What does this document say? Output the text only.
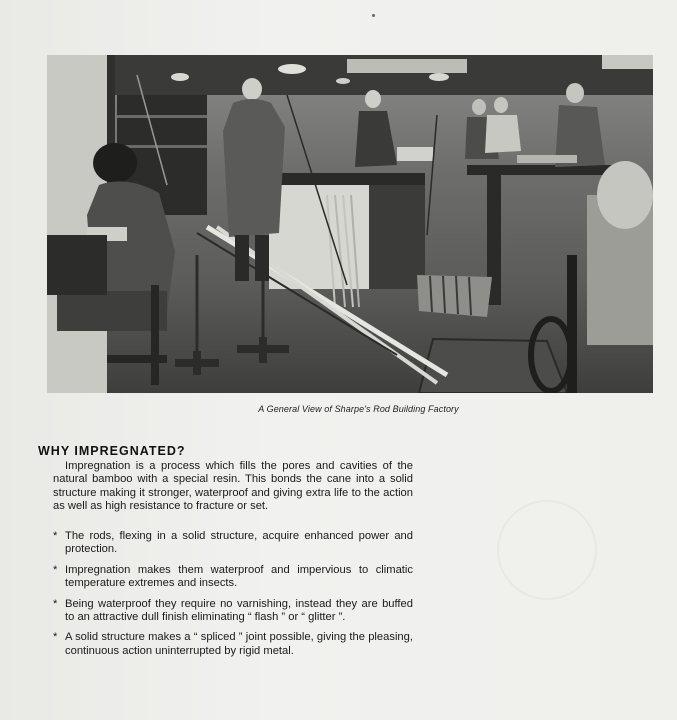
A General View of Sharpe's Rod Building Factory
WHY IMPREGNATED?
Impregnation is a process which fills the pores and cavities of the natural bamboo with a special resin. This bonds the cane into a solid structure making it stronger, waterproof and giving extra life to the action as well as high resistance to fracture or set.
* The rods, flexing in a solid structure, acquire enhanced power and protection.
* Impregnation makes them waterproof and impervious to climatic temperature extremes and insects.
* Being waterproof they require no varnishing, instead they are buffed to an attractive dull finish eliminating “ flash ” or “ glitter ”.
* A solid structure makes a “ spliced ” joint possible, giving the pleasing, continuous action uninterrupted by rigid metal.
